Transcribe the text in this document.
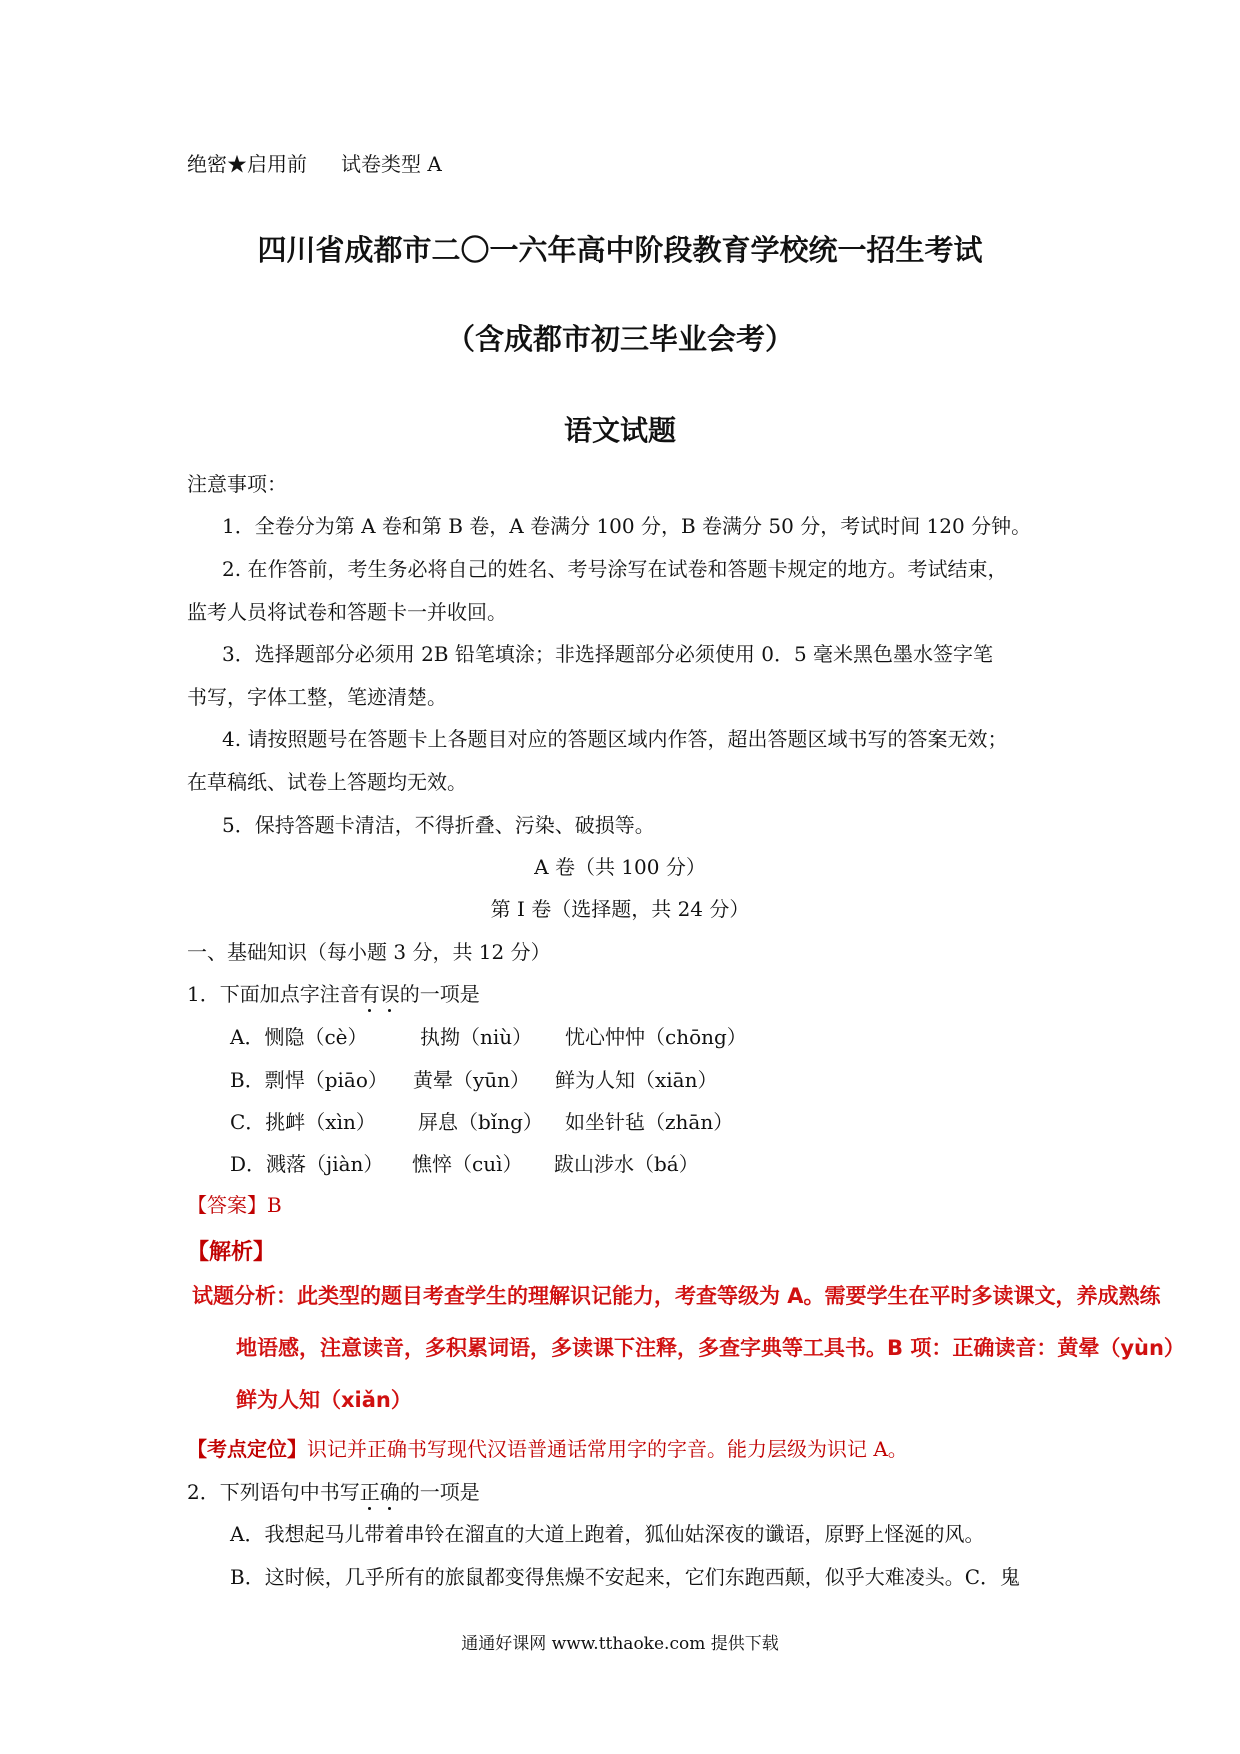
绝密★启用前 试卷类型 A
四川省成都市二〇一六年高中阶段教育学校统一招生考试
（含成都市初三毕业会考）
语文试题
注意事项：
1．全卷分为第 A 卷和第 B 卷，A 卷满分 100 分，B 卷满分 50 分，考试时间 120 分钟。
2. 在作答前，考生务必将自己的姓名、考号涂写在试卷和答题卡规定的地方。考试结束，
监考人员将试卷和答题卡一并收回。
3．选择题部分必须用 2B 铅笔填涂；非选择题部分必须使用 0．5 毫米黑色墨水签字笔
书写，字体工整，笔迹清楚。
4. 请按照题号在答题卡上各题目对应的答题区域内作答，超出答题区域书写的答案无效；
在草稿纸、试卷上答题均无效。
5．保持答题卡清洁，不得折叠、污染、破损等。
A 卷（共 100 分）
第 I 卷（选择题，共 24 分）
一、基础知识（每小题 3 分，共 12 分）
1．下面加点字注音有误的一项是
A．恻隐（cè）	执拗（niù） 忧心忡忡（chōng）
B．剽悍（piāo） 黄晕（yūn） 鲜为人知（xiān）
C．挑衅（xìn） 屏息（bǐng） 如坐针毡（zhān）
D．溅落（jiàn） 憔悴（cuì） 跋山涉水（bá）
【答案】B
【解析】
试题分析：此类型的题目考查学生的理解识记能力，考查等级为 A。需要学生在平时多读课文，养成熟练
地语感，注意读音，多积累词语，多读课下注释，多查字典等工具书。B 项：正确读音：黄晕（yùn）
鲜为人知（xiǎn）
【考点定位】识记并正确书写现代汉语普通话常用字的字音。能力层级为识记 A。
2．下列语句中书写正确的一项是
A．我想起马儿带着串铃在溜直的大道上跑着，狐仙姑深夜的谶语，原野上怪涎的风。
B．这时候，几乎所有的旅鼠都变得焦燥不安起来，它们东跑西颠，似乎大难凌头。C．鬼
通通好课网 www.tthaoke.com 提供下载
